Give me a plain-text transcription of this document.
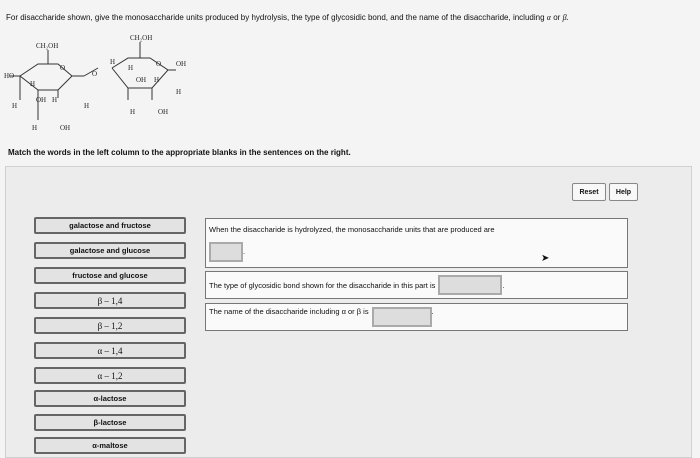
For disaccharide shown, give the monosaccharide units produced by hydrolysis, the type of glycosidic bond, and the name of the disaccharide, including α or β.
CH₂OH
O
HO
H
OH H
H	H
H	OH
O
CH₂OH
O OH
H
H
OH H
H
H	OH
Match the words in the left column to the appropriate blanks in the sentences on the right.
Reset	Help
galactose and fructose
galactose and glucose
fructose and glucose
β – 1,4
β – 1,2
α – 1,4
α – 1,2
α-lactose
β-lactose
α-maltose
When the disaccharide is hydrolyzed, the monosaccharide units that are produced are
.
The type of glycosidic bond shown for the disaccharide in this part is	.
The name of the disaccharide including α or β is	.
➤
